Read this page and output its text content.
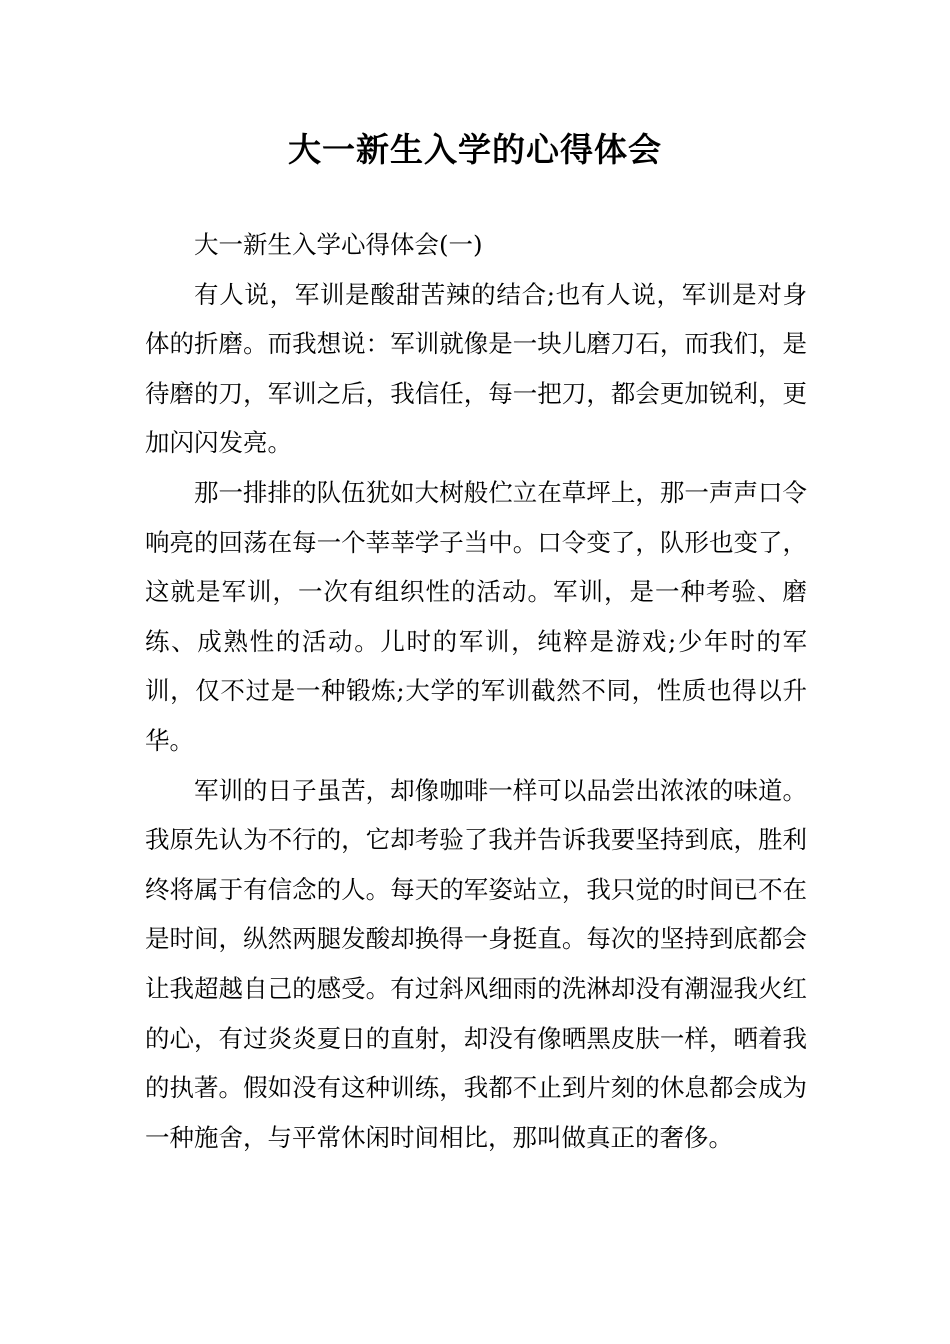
大一新生入学的心得体会

大一新生入学心得体会(一)

有人说，军训是酸甜苦辣的结合;也有人说，军训是对身体的折磨。而我想说：军训就像是一块儿磨刀石，而我们，是待磨的刀，军训之后，我信任，每一把刀，都会更加锐利，更加闪闪发亮。

那一排排的队伍犹如大树般伫立在草坪上，那一声声口令响亮的回荡在每一个莘莘学子当中。口令变了，队形也变了，这就是军训，一次有组织性的活动。军训，是一种考验、磨练、成熟性的活动。儿时的军训，纯粹是游戏;少年时的军训，仅不过是一种锻炼;大学的军训截然不同，性质也得以升华。

军训的日子虽苦，却像咖啡一样可以品尝出浓浓的味道。我原先认为不行的，它却考验了我并告诉我要坚持到底，胜利终将属于有信念的人。每天的军姿站立，我只觉的时间已不在是时间，纵然两腿发酸却换得一身挺直。每次的坚持到底都会让我超越自己的感受。有过斜风细雨的洗淋却没有潮湿我火红的心，有过炎炎夏日的直射，却没有像晒黑皮肤一样，晒着我的执著。假如没有这种训练，我都不止到片刻的休息都会成为一种施舍，与平常休闲时间相比，那叫做真正的奢侈。
